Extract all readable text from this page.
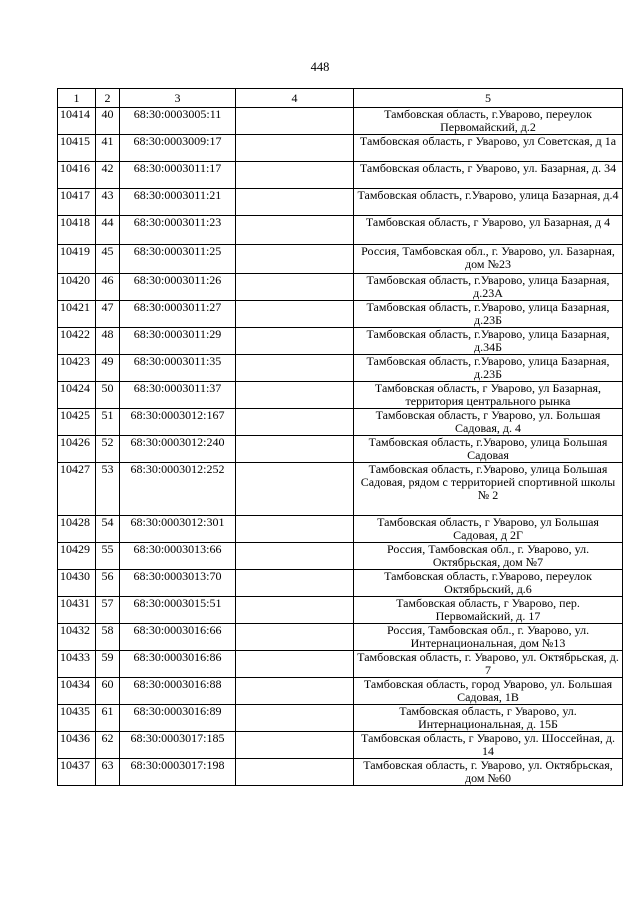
448
1	2	3	4	5
10414	40	68:30:0003005:11		Тамбовская область, г.Уварово, переулок Первомайский, д.2
10415	41	68:30:0003009:17		Тамбовская область, г Уварово, ул Советская, д 1а
10416	42	68:30:0003011:17		Тамбовская область, г Уварово, ул. Базарная, д. 34
10417	43	68:30:0003011:21		Тамбовская область, г.Уварово, улица Базарная, д.4
10418	44	68:30:0003011:23		Тамбовская область, г Уварово, ул Базарная, д 4
10419	45	68:30:0003011:25		Россия, Тамбовская обл., г. Уварово, ул. Базарная, дом №23
10420	46	68:30:0003011:26		Тамбовская область, г.Уварово, улица Базарная, д.23А
10421	47	68:30:0003011:27		Тамбовская область, г.Уварово, улица Базарная, д.23Б
10422	48	68:30:0003011:29		Тамбовская область, г.Уварово, улица Базарная, д.34Б
10423	49	68:30:0003011:35		Тамбовская область, г.Уварово, улица Базарная, д.23Б
10424	50	68:30:0003011:37		Тамбовская область, г Уварово, ул Базарная, территория центрального рынка
10425	51	68:30:0003012:167		Тамбовская область, г Уварово, ул. Большая Садовая, д. 4
10426	52	68:30:0003012:240		Тамбовская область, г.Уварово, улица Большая Садовая
10427	53	68:30:0003012:252		Тамбовская область, г.Уварово, улица Большая Садовая, рядом с территорией спортивной школы № 2
10428	54	68:30:0003012:301		Тамбовская область, г Уварово, ул Большая Садовая, д 2Г
10429	55	68:30:0003013:66		Россия, Тамбовская обл., г. Уварово, ул. Октябрьская, дом №7
10430	56	68:30:0003013:70		Тамбовская область, г.Уварово, переулок Октябрьский, д.6
10431	57	68:30:0003015:51		Тамбовская область, г Уварово, пер. Первомайский, д. 17
10432	58	68:30:0003016:66		Россия, Тамбовская обл., г. Уварово, ул. Интернациональная, дом №13
10433	59	68:30:0003016:86		Тамбовская область, г. Уварово, ул. Октябрьская, д. 7
10434	60	68:30:0003016:88		Тамбовская область, город Уварово, ул. Большая Садовая, 1В
10435	61	68:30:0003016:89		Тамбовская область, г Уварово, ул. Интернациональная, д. 15Б
10436	62	68:30:0003017:185		Тамбовская область, г Уварово, ул. Шоссейная, д. 14
10437	63	68:30:0003017:198		Тамбовская область, г. Уварово, ул. Октябрьская, дом №60
